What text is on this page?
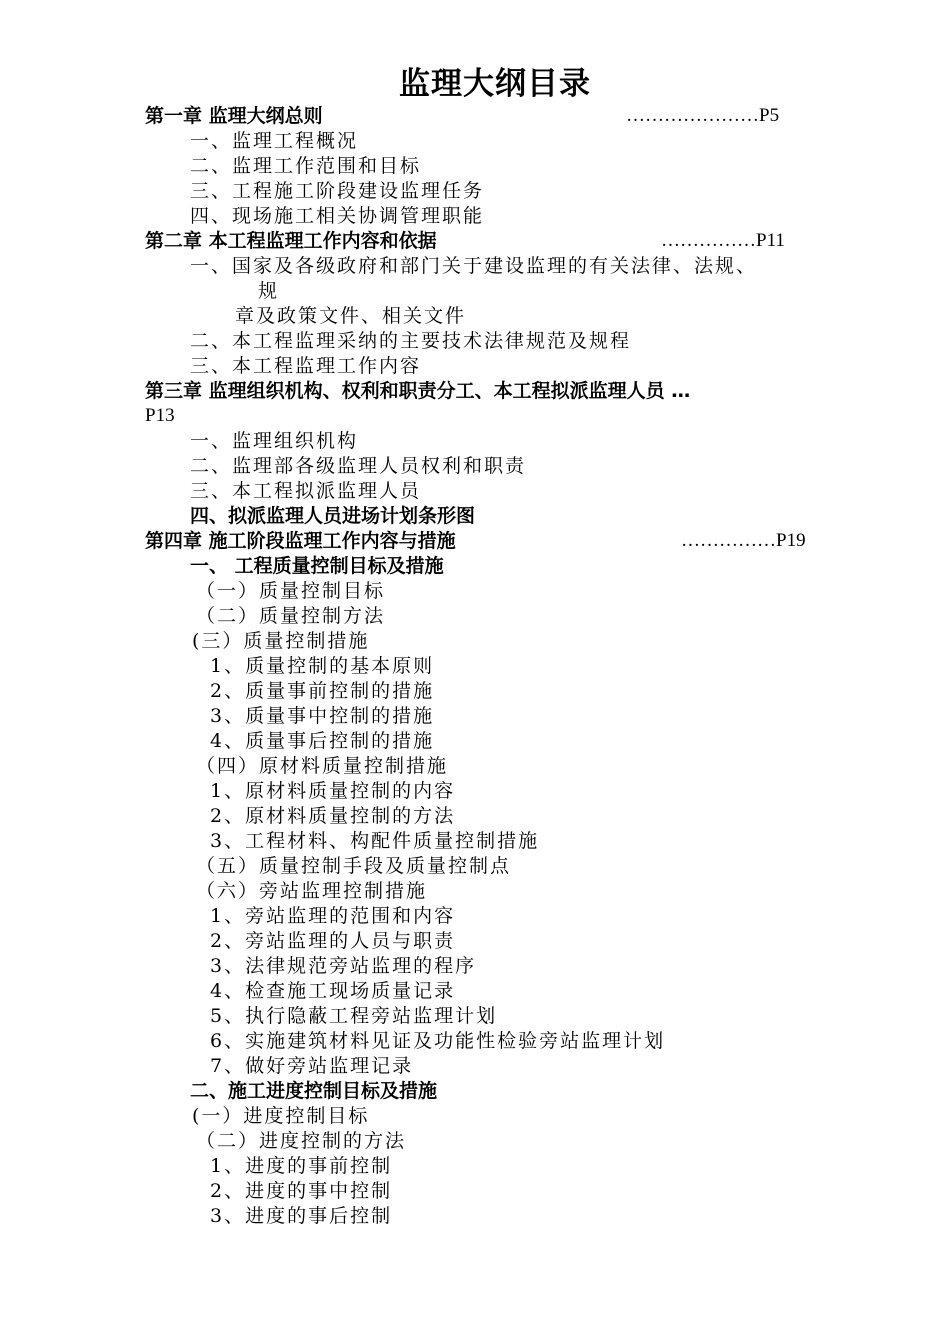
监理大纲目录
第一章 监理大纲总则	…………………P5
一、监理工程概况
二、监理工作范围和目标
三、工程施工阶段建设监理任务
四、现场施工相关协调管理职能
第二章 本工程监理工作内容和依据	……………P11
一、国家及各级政府和部门关于建设监理的有关法律、法规、
规
章及政策文件、相关文件
二、本工程监理采纳的主要技术法律规范及规程
三、本工程监理工作内容
第三章 监理组织机构、权利和职责分工、本工程拟派监理人员 …
P13
一、监理组织机构
二、监理部各级监理人员权利和职责
三、本工程拟派监理人员
四、拟派监理人员进场计划条形图
第四章 施工阶段监理工作内容与措施	……………P19
一、 工程质量控制目标及措施
（一）质量控制目标
（二）质量控制方法
(三）质量控制措施
1、质量控制的基本原则
2、质量事前控制的措施
3、质量事中控制的措施
4、质量事后控制的措施
（四）原材料质量控制措施
1、原材料质量控制的内容
2、原材料质量控制的方法
3、工程材料、构配件质量控制措施
（五）质量控制手段及质量控制点
（六）旁站监理控制措施
1、旁站监理的范围和内容
2、旁站监理的人员与职责
3、法律规范旁站监理的程序
4、检查施工现场质量记录
5、执行隐蔽工程旁站监理计划
6、实施建筑材料见证及功能性检验旁站监理计划
7、做好旁站监理记录
二、施工进度控制目标及措施
(一）进度控制目标
（二）进度控制的方法
1、进度的事前控制
2、进度的事中控制
3、进度的事后控制
